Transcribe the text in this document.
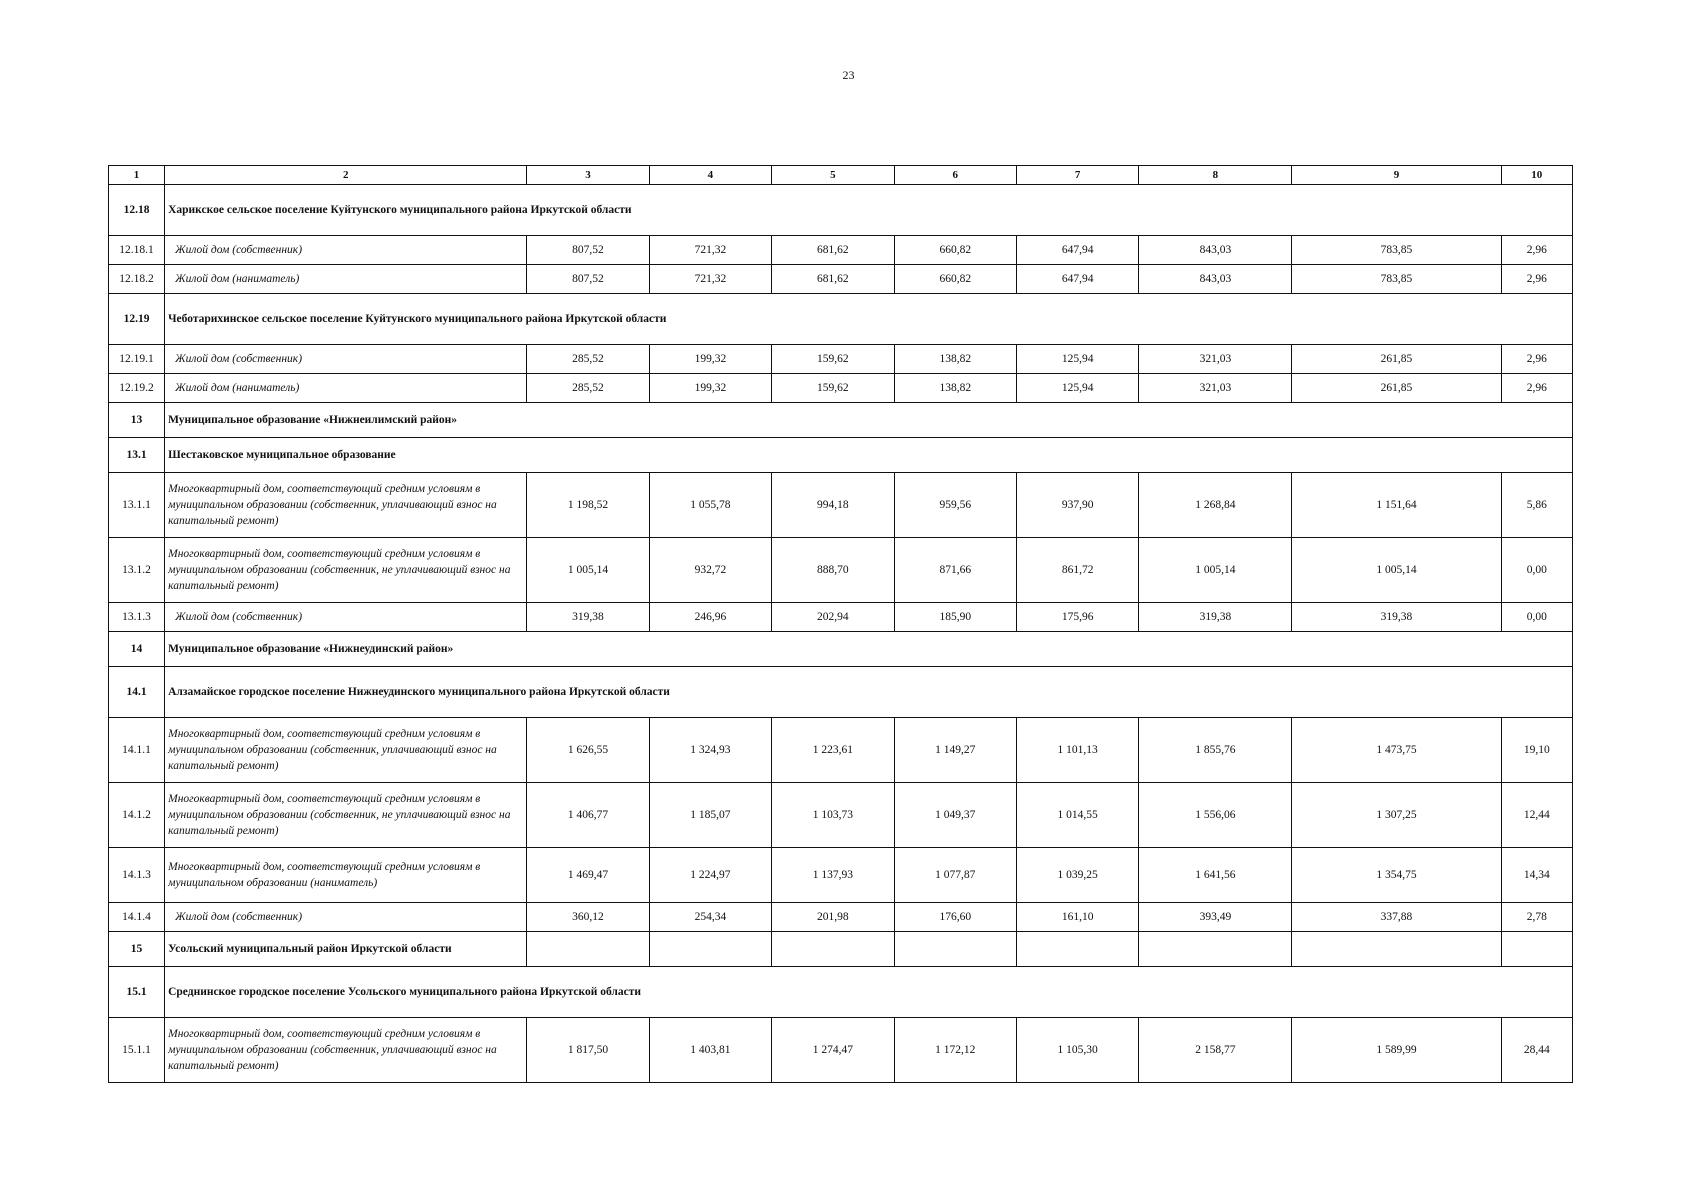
23
1	2	3	4	5	6	7	8	9	10
12.18	Харикское сельское поселение Куйтунского муниципального района Иркутской области								
12.18.1	Жилой дом (собственник)	807,52	721,32	681,62	660,82	647,94	843,03	783,85	2,96
12.18.2	Жилой дом (наниматель)	807,52	721,32	681,62	660,82	647,94	843,03	783,85	2,96
12.19	Чеботарихинское сельское поселение Куйтунского муниципального района Иркутской области								
12.19.1	Жилой дом (собственник)	285,52	199,32	159,62	138,82	125,94	321,03	261,85	2,96
12.19.2	Жилой дом (наниматель)	285,52	199,32	159,62	138,82	125,94	321,03	261,85	2,96
13	Муниципальное образование «Нижнеилимский район»								
13.1	Шестаковское муниципальное образование								
13.1.1	Многоквартирный дом, соответствующий средним условиям в муниципальном образовании (собственник, уплачивающий взнос на капитальный ремонт)	1 198,52	1 055,78	994,18	959,56	937,90	1 268,84	1 151,64	5,86
13.1.2	Многоквартирный дом, соответствующий средним условиям в муниципальном образовании (собственник, не уплачивающий взнос на капитальный ремонт)	1 005,14	932,72	888,70	871,66	861,72	1 005,14	1 005,14	0,00
13.1.3	Жилой дом (собственник)	319,38	246,96	202,94	185,90	175,96	319,38	319,38	0,00
14	Муниципальное образование «Нижнеудинский район»								
14.1	Алзамайское городское поселение Нижнеудинского муниципального района Иркутской области								
14.1.1	Многоквартирный дом, соответствующий средним условиям в муниципальном образовании (собственник, уплачивающий взнос на капитальный ремонт)	1 626,55	1 324,93	1 223,61	1 149,27	1 101,13	1 855,76	1 473,75	19,10
14.1.2	Многоквартирный дом, соответствующий средним условиям в муниципальном образовании (собственник, не уплачивающий взнос на капитальный ремонт)	1 406,77	1 185,07	1 103,73	1 049,37	1 014,55	1 556,06	1 307,25	12,44
14.1.3	Многоквартирный дом, соответствующий средним условиям в муниципальном образовании (наниматель)	1 469,47	1 224,97	1 137,93	1 077,87	1 039,25	1 641,56	1 354,75	14,34
14.1.4	Жилой дом (собственник)	360,12	254,34	201,98	176,60	161,10	393,49	337,88	2,78
15	Усольский муниципальный район Иркутской области								
15.1	Среднинское городское поселение Усольского муниципального района Иркутской области								
15.1.1	Многоквартирный дом, соответствующий средним условиям в муниципальном образовании (собственник, уплачивающий взнос на капитальный ремонт)	1 817,50	1 403,81	1 274,47	1 172,12	1 105,30	2 158,77	1 589,99	28,44
